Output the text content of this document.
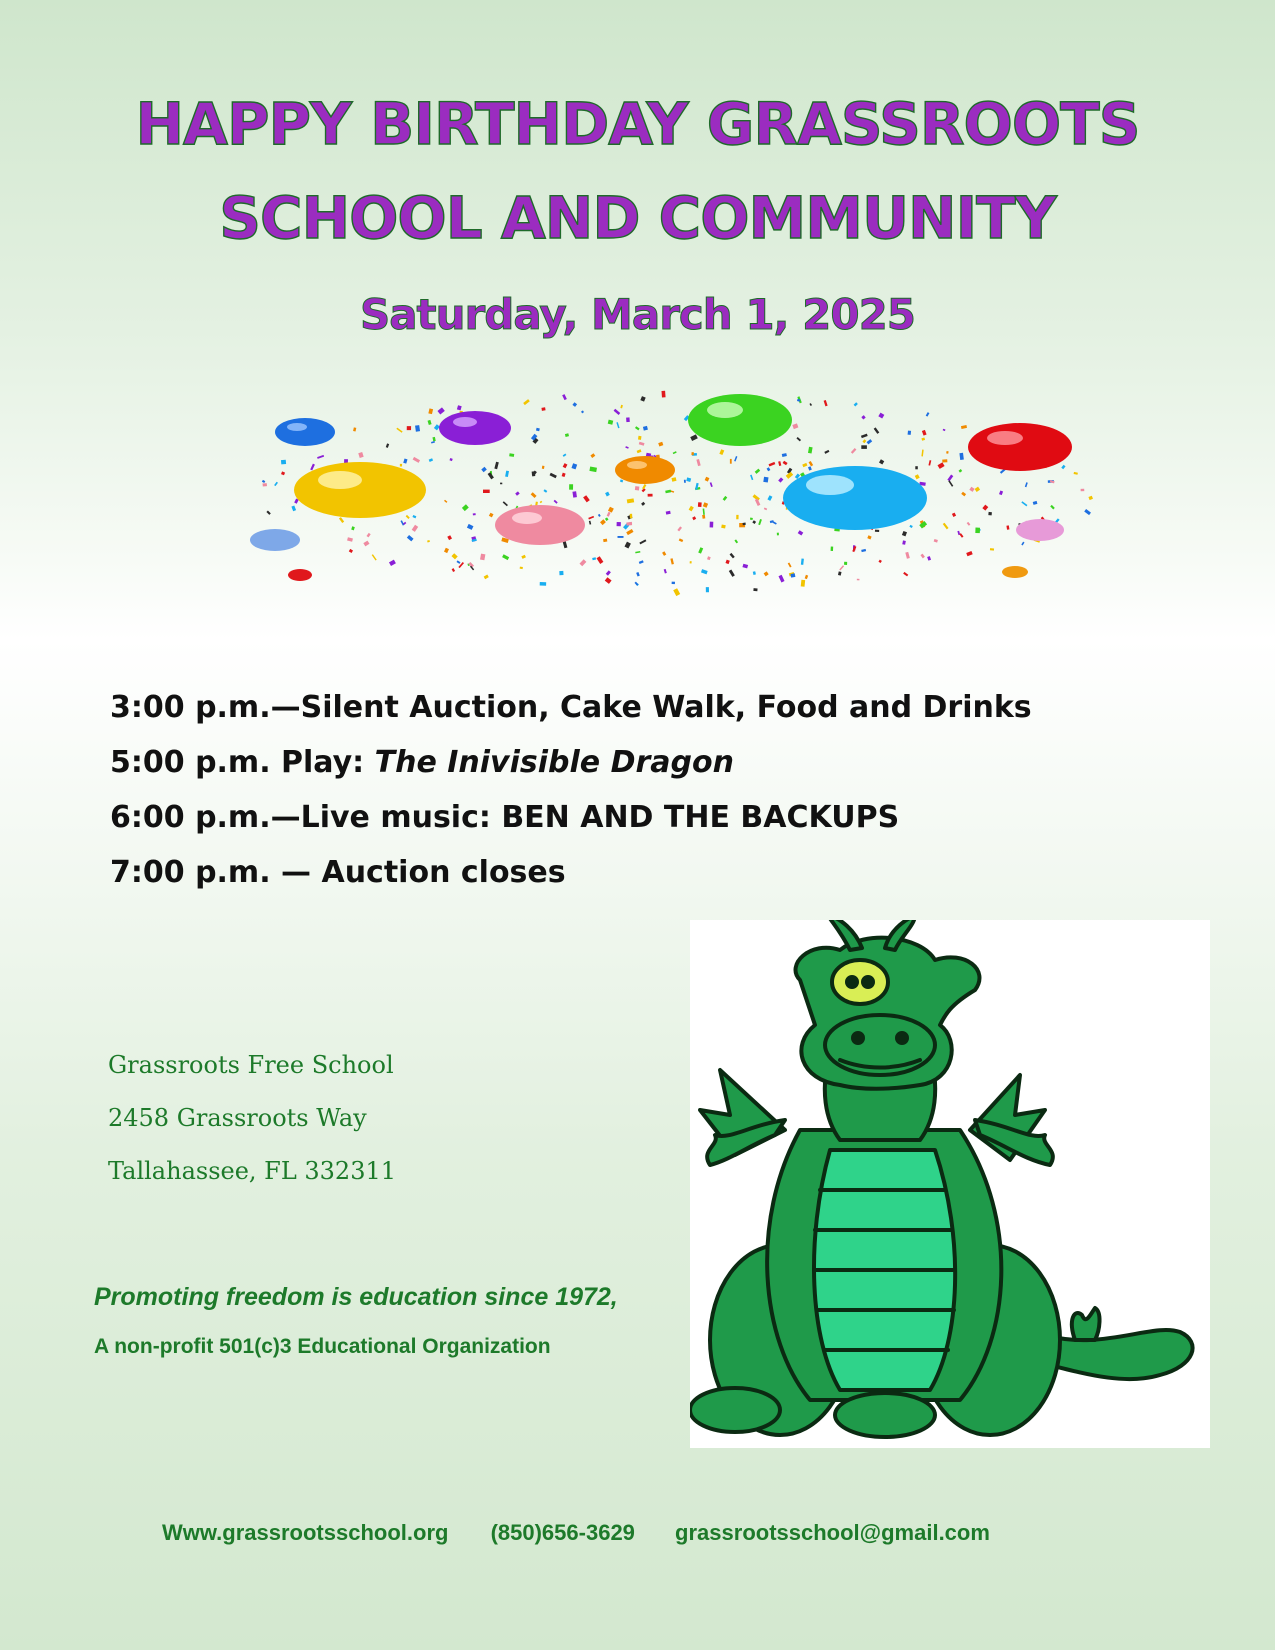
HAPPY BIRTHDAY GRASSROOTS
SCHOOL AND COMMUNITY
Saturday, March 1, 2025
3:00 p.m.—Silent Auction, Cake Walk, Food and Drinks
5:00 p.m. Play: The Inivisible Dragon
6:00 p.m.—Live music: BEN AND THE BACKUPS
7:00 p.m. — Auction closes
Grassroots Free School
2458 Grassroots Way
Tallahassee, FL 332311
Promoting freedom is education since 1972,
A non-profit 501(c)3 Educational Organization
Www.grassrootsschool.org (850)656-3629 grassrootsschool@gmail.com
